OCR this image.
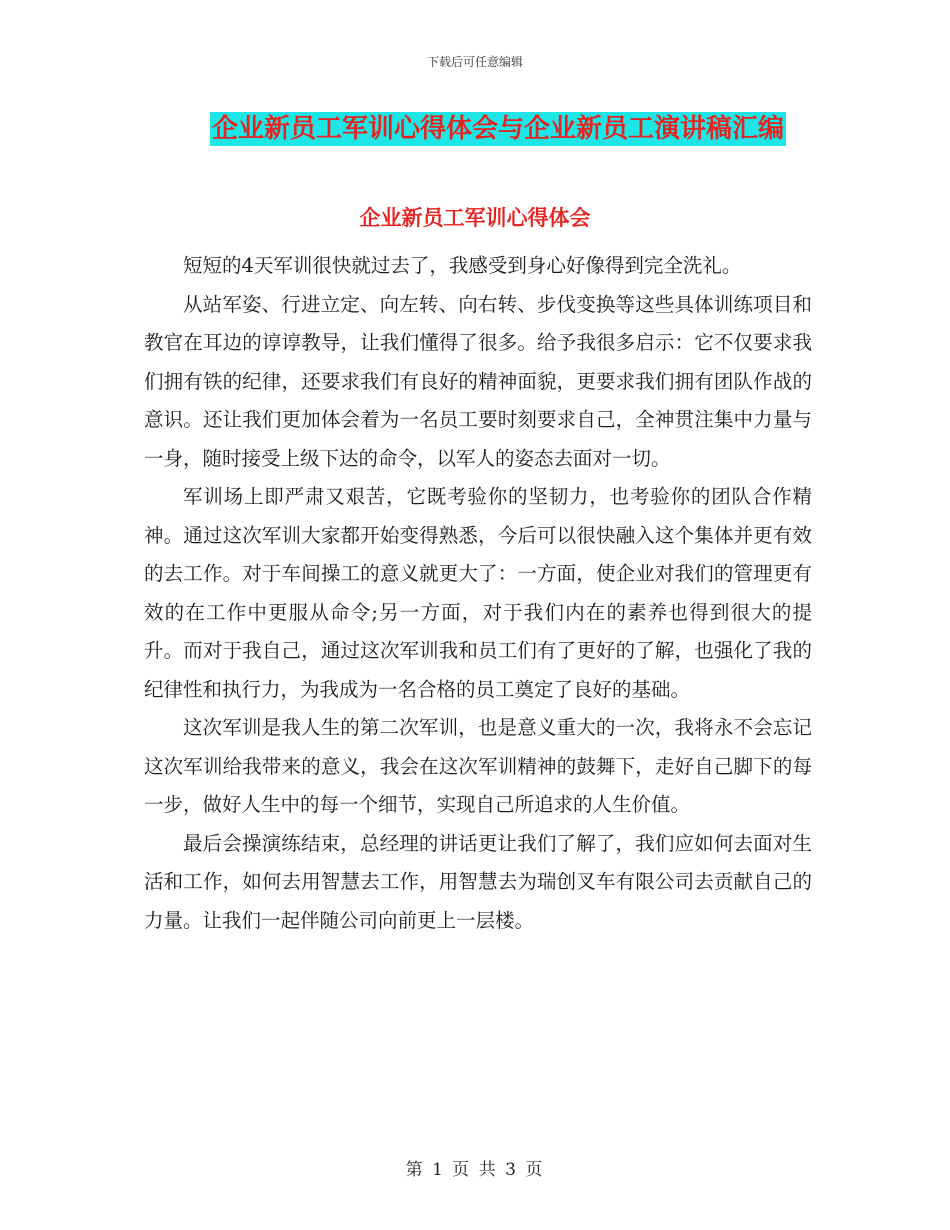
下载后可任意编辑
企业新员工军训心得体会与企业新员工演讲稿汇编
企业新员工军训心得体会

短短的4天军训很快就过去了，我感受到身心好像得到完全洗礼。

从站军姿、行进立定、向左转、向右转、步伐变换等这些具体训练项目和教官在耳边的谆谆教导，让我们懂得了很多。给予我很多启示：它不仅要求我们拥有铁的纪律，还要求我们有良好的精神面貌，更要求我们拥有团队作战的意识。还让我们更加体会着为一名员工要时刻要求自己，全神贯注集中力量与一身，随时接受上级下达的命令，以军人的姿态去面对一切。

军训场上即严肃又艰苦，它既考验你的坚韧力，也考验你的团队合作精神。通过这次军训大家都开始变得熟悉，今后可以很快融入这个集体并更有效的去工作。对于车间操工的意义就更大了：一方面，使企业对我们的管理更有效的在工作中更服从命令;另一方面，对于我们内在的素养也得到很大的提升。而对于我自己，通过这次军训我和员工们有了更好的了解，也强化了我的纪律性和执行力，为我成为一名合格的员工奠定了良好的基础。

这次军训是我人生的第二次军训，也是意义重大的一次，我将永不会忘记这次军训给我带来的意义，我会在这次军训精神的鼓舞下，走好自己脚下的每一步，做好人生中的每一个细节，实现自己所追求的人生价值。

最后会操演练结束，总经理的讲话更让我们了解了，我们应如何去面对生活和工作，如何去用智慧去工作，用智慧去为瑞创叉车有限公司去贡献自己的力量。让我们一起伴随公司向前更上一层楼。

第 1 页 共 3 页
